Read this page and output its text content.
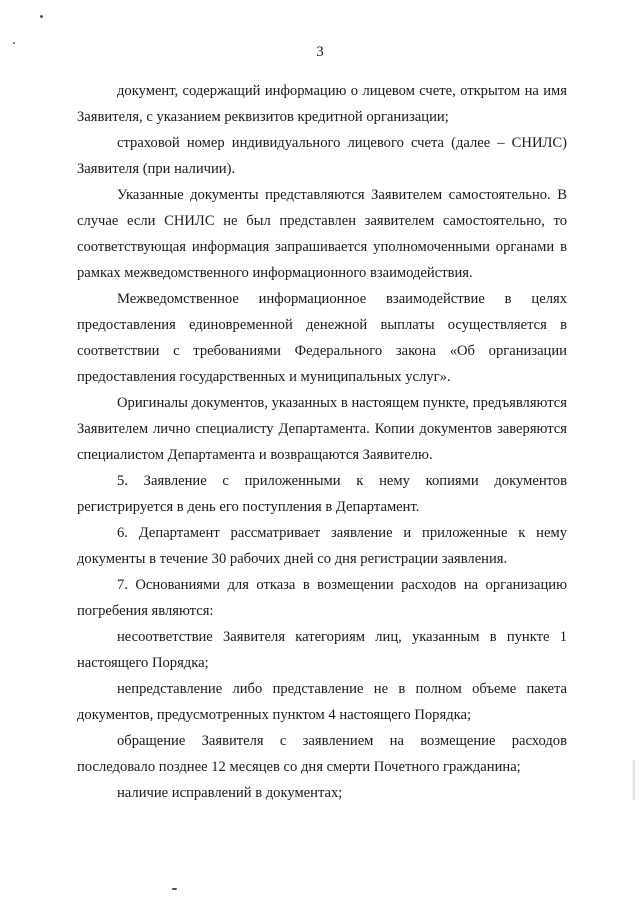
3

документ, содержащий информацию о лицевом счете, открытом на имя Заявителя, с указанием реквизитов кредитной организации;

страховой номер индивидуального лицевого счета (далее – СНИЛС) Заявителя (при наличии).

Указанные документы представляются Заявителем самостоятельно. В случае если СНИЛС не был представлен заявителем самостоятельно, то соответствующая информация запрашивается уполномоченными органами в рамках межведомственного информационного взаимодействия.

Межведомственное информационное взаимодействие в целях предоставления единовременной денежной выплаты осуществляется в соответствии с требованиями Федерального закона «Об организации предоставления государственных и муниципальных услуг».

Оригиналы документов, указанных в настоящем пункте, предъявляются Заявителем лично специалисту Департамента. Копии документов заверяются специалистом Департамента и возвращаются Заявителю.

5. Заявление с приложенными к нему копиями документов регистрируется в день его поступления в Департамент.

6. Департамент рассматривает заявление и приложенные к нему документы в течение 30 рабочих дней со дня регистрации заявления.

7. Основаниями для отказа в возмещении расходов на организацию погребения являются:

несоответствие Заявителя категориям лиц, указанным в пункте 1 настоящего Порядка;

непредставление либо представление не в полном объеме пакета документов, предусмотренных пунктом 4 настоящего Порядка;

обращение Заявителя с заявлением на возмещение расходов последовало позднее 12 месяцев со дня смерти Почетного гражданина;

наличие исправлений в документах;
